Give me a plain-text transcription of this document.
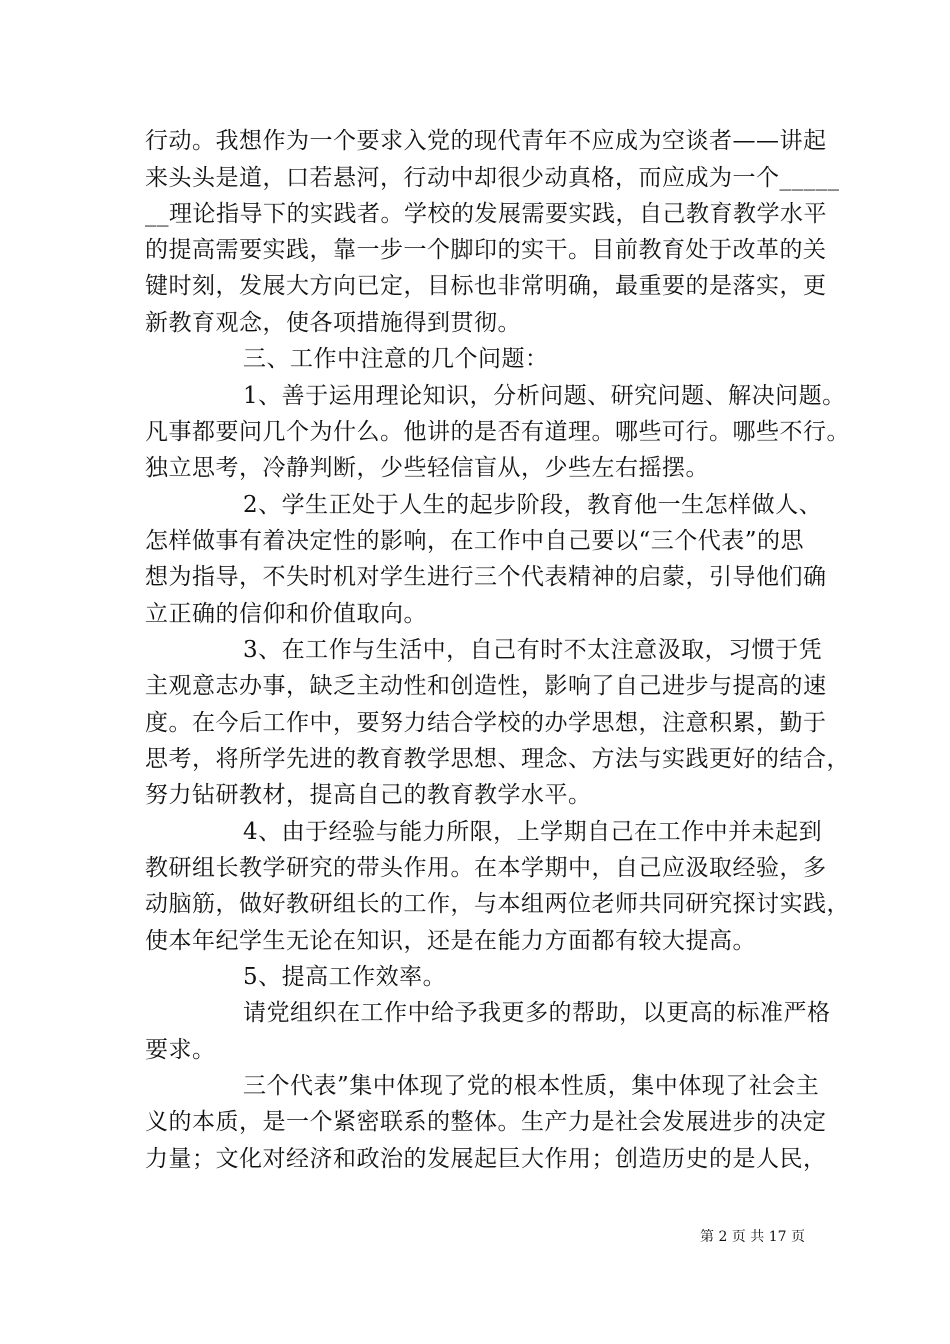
行动。我想作为一个要求入党的现代青年不应成为空谈者——讲起
来头头是道，口若悬河，行动中却很少动真格，而应成为一个_____
__理论指导下的实践者。学校的发展需要实践，自己教育教学水平
的提高需要实践，靠一步一个脚印的实干。目前教育处于改革的关
键时刻，发展大方向已定，目标也非常明确，最重要的是落实，更
新教育观念，使各项措施得到贯彻。
三、工作中注意的几个问题：
1、善于运用理论知识，分析问题、研究问题、解决问题。
凡事都要问几个为什么。他讲的是否有道理。哪些可行。哪些不行。
独立思考，冷静判断，少些轻信盲从，少些左右摇摆。
2、学生正处于人生的起步阶段，教育他一生怎样做人、
怎样做事有着决定性的影响，在工作中自己要以“三个代表”的思
想为指导，不失时机对学生进行三个代表精神的启蒙，引导他们确
立正确的信仰和价值取向。
3、在工作与生活中，自己有时不太注意汲取，习惯于凭
主观意志办事，缺乏主动性和创造性，影响了自己进步与提高的速
度。在今后工作中，要努力结合学校的办学思想，注意积累，勤于
思考，将所学先进的教育教学思想、理念、方法与实践更好的结合，
努力钻研教材，提高自己的教育教学水平。
4、由于经验与能力所限，上学期自己在工作中并未起到
教研组长教学研究的带头作用。在本学期中，自己应汲取经验，多
动脑筋，做好教研组长的工作，与本组两位老师共同研究探讨实践，
使本年纪学生无论在知识，还是在能力方面都有较大提高。
5、提高工作效率。
请党组织在工作中给予我更多的帮助，以更高的标准严格
要求。
三个代表”集中体现了党的根本性质，集中体现了社会主
义的本质，是一个紧密联系的整体。生产力是社会发展进步的决定
力量；文化对经济和政治的发展起巨大作用；创造历史的是人民，
第 2 页 共 17 页
